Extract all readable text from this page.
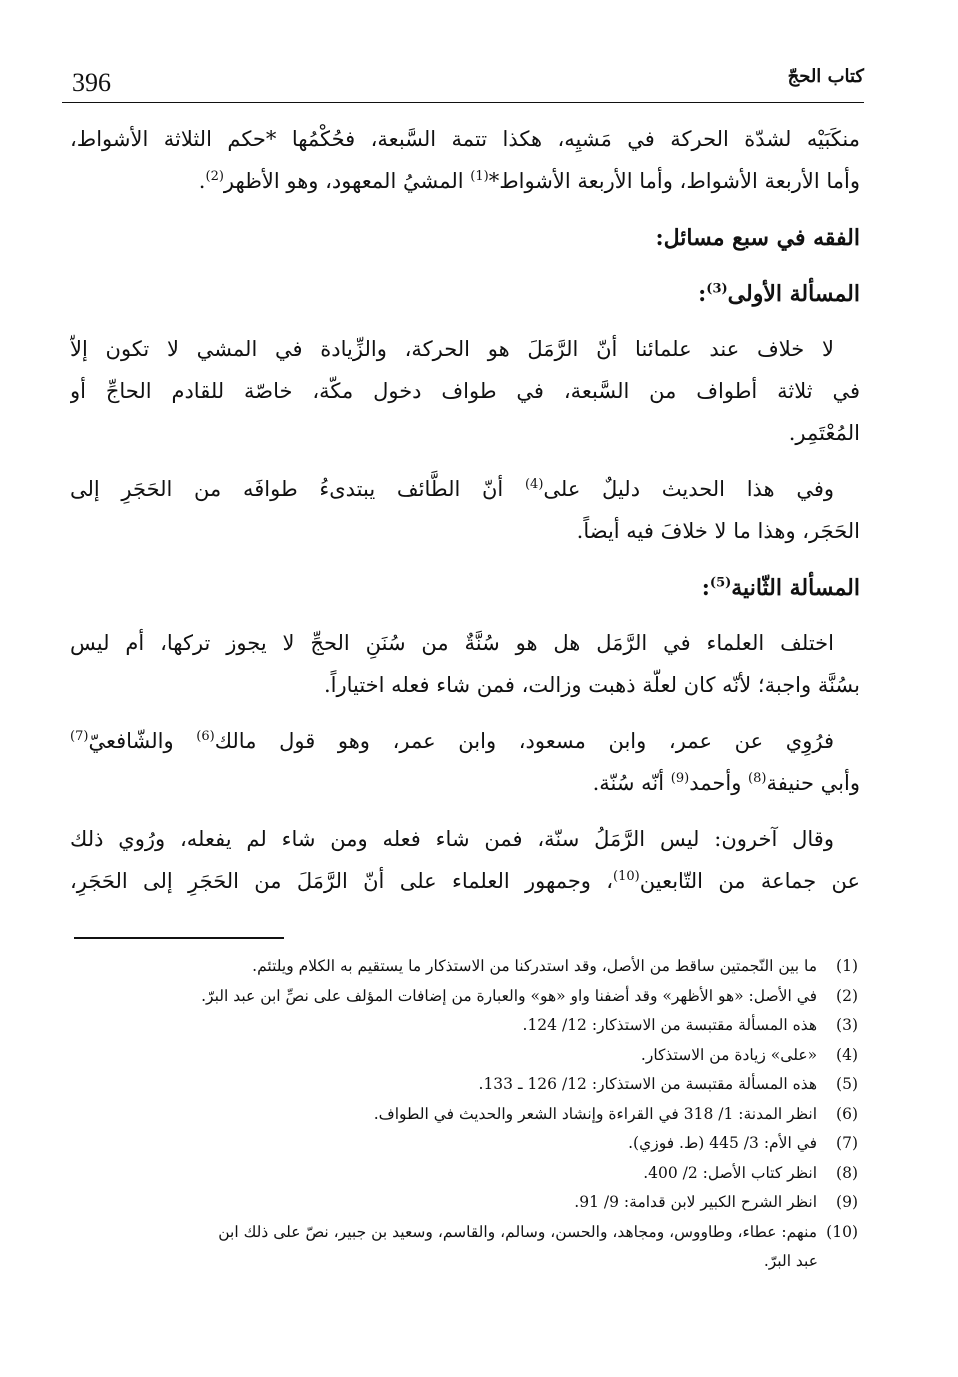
396	كتاب الحجّ
منكَبَيْه لشدّة الحركة في مَشيِه، هكذا تتمة السَّبعة، فحُكْمُها *حكم الثلاثة الأشواط،
وأما الأربعة الأشواط، وأما الأربعة الأشواط*$^{(1)}$ المشيُ المعهود، وهو الأظهر$^{(2)}$.
الفقه في سبع مسائل:
المسألة الأولى$^{(3)}$:
لا خلاف عند علمائنا أنّ الرَّمَلَ هو الحركة، والزِّيادة في المشي لا تكون إلاّ
في ثلاثة أطواف من السَّبعة، في طواف دخول مكّة، خاصّة للقادم الحاجِّ أو
المُعْتَمِر.
وفي هذا الحديث دليلٌ على$^{(4)}$ أنّ الطَّائف يبتدىءُ طوافَه من الحَجَرِ إلى
الحَجَر، وهذا ما لا خلافَ فيه أيضاً.
المسألة الثّانية$^{(5)}$:
اختلف العلماء في الرَّمَل هل هو سُنَّةٌ من سُنَنِ الحجِّ لا يجوز تركها، أم ليس
بسُنَّة واجبة؛ لأنّه كان لعلّة ذهبت وزالت، فمن شاء فعله اختياراً.
فرُوِي عن عمر، وابن مسعود، وابن عمر، وهو قول مالك$^{(6)}$ والشّافعيّ$^{(7)}$
وأبي حنيفة$^{(8)}$ وأحمد$^{(9)}$ أنّه سُنّة.
وقال آخرون: ليس الرَّمَلُ سنّة، فمن شاء فعله ومن شاء لم يفعله، ورُوي ذلك
عن جماعة من التّابعين$^{(10)}$، وجمهور العلماء على أنّ الرَّمَلَ من الحَجَرِ إلى الحَجَرِ،
(1) ما بين النّجمتين ساقط من الأصل، وقد استدركنا من الاستذكار ما يستقيم به الكلام ويلتئم.
(2) في الأصل: «هو الأظهر» وقد أضفنا واو «هو» والعبارة من إضافات المؤلف على نصِّ ابن عبد البرّ.
(3) هذه المسألة مقتبسة من الاستذكار: 12/ 124.
(4) «على» زيادة من الاستذكار.
(5) هذه المسألة مقتبسة من الاستذكار: 12/ 126 ـ 133.
(6) انظر المدنة: 1/ 318 في القراءة وإنشاد الشعر والحديث في الطواف.
(7) في الأم: 3/ 445 (ط. فوزي).
(8) انظر كتاب الأصل: 2/ 400.
(9) انظر الشرح الكبير لابن قدامة: 9/ 91.
(10) منهم: عطاء، وطاووس، ومجاهد، والحسن، وسالم، والقاسم، وسعيد بن جبير، نصّ على ذلك ابن
عبد البرّ.
